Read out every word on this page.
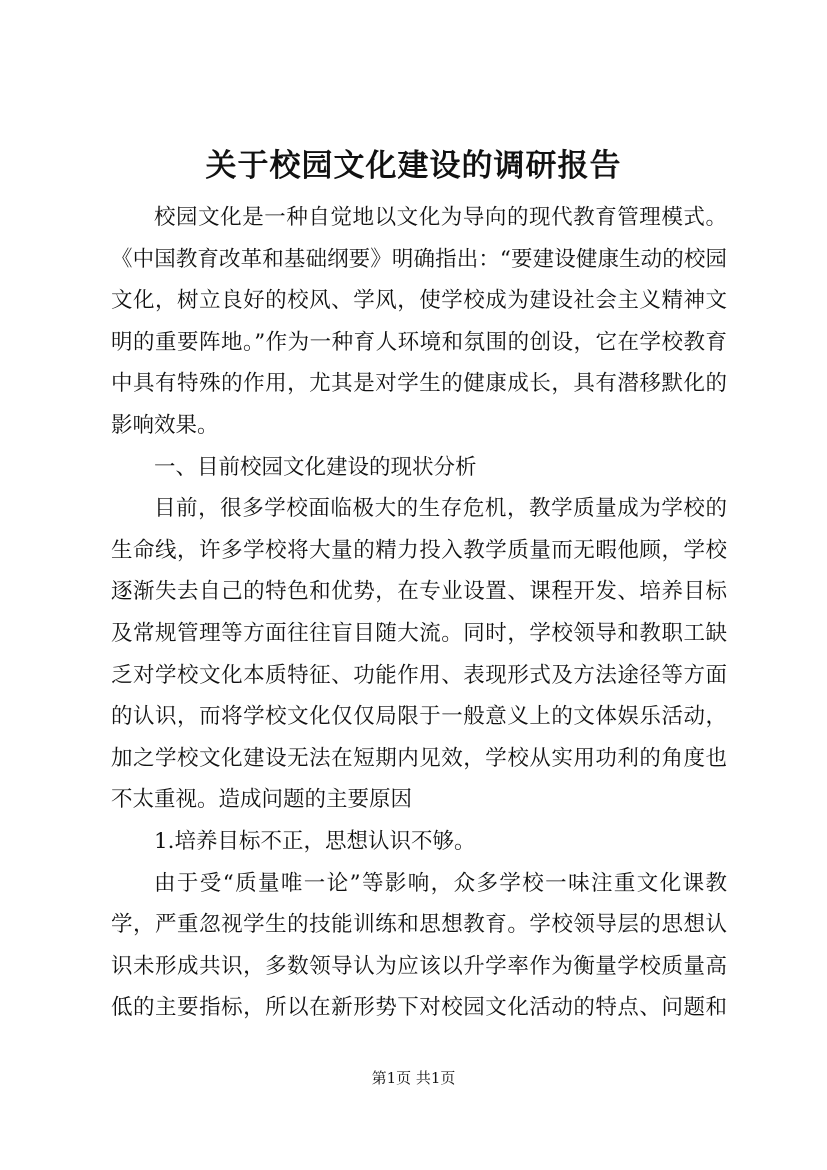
关于校园文化建设的调研报告

校园文化是一种自觉地以文化为导向的现代教育管理模式。《中国教育改革和基础纲要》明确指出：“要建设健康生动的校园文化，树立良好的校风、学风，使学校成为建设社会主义精神文明的重要阵地。”作为一种育人环境和氛围的创设，它在学校教育中具有特殊的作用，尤其是对学生的健康成长，具有潜移默化的影响效果。

一、目前校园文化建设的现状分析

目前，很多学校面临极大的生存危机，教学质量成为学校的生命线，许多学校将大量的精力投入教学质量而无暇他顾，学校逐渐失去自己的特色和优势，在专业设置、课程开发、培养目标及常规管理等方面往往盲目随大流。同时，学校领导和教职工缺乏对学校文化本质特征、功能作用、表现形式及方法途径等方面的认识，而将学校文化仅仅局限于一般意义上的文体娱乐活动，加之学校文化建设无法在短期内见效，学校从实用功利的角度也不太重视。造成问题的主要原因

1.培养目标不正，思想认识不够。

由于受“质量唯一论”等影响，众多学校一味注重文化课教学，严重忽视学生的技能训练和思想教育。学校领导层的思想认识未形成共识，多数领导认为应该以升学率作为衡量学校质量高低的主要指标，所以在新形势下对校园文化活动的特点、问题和

第1页 共1页
